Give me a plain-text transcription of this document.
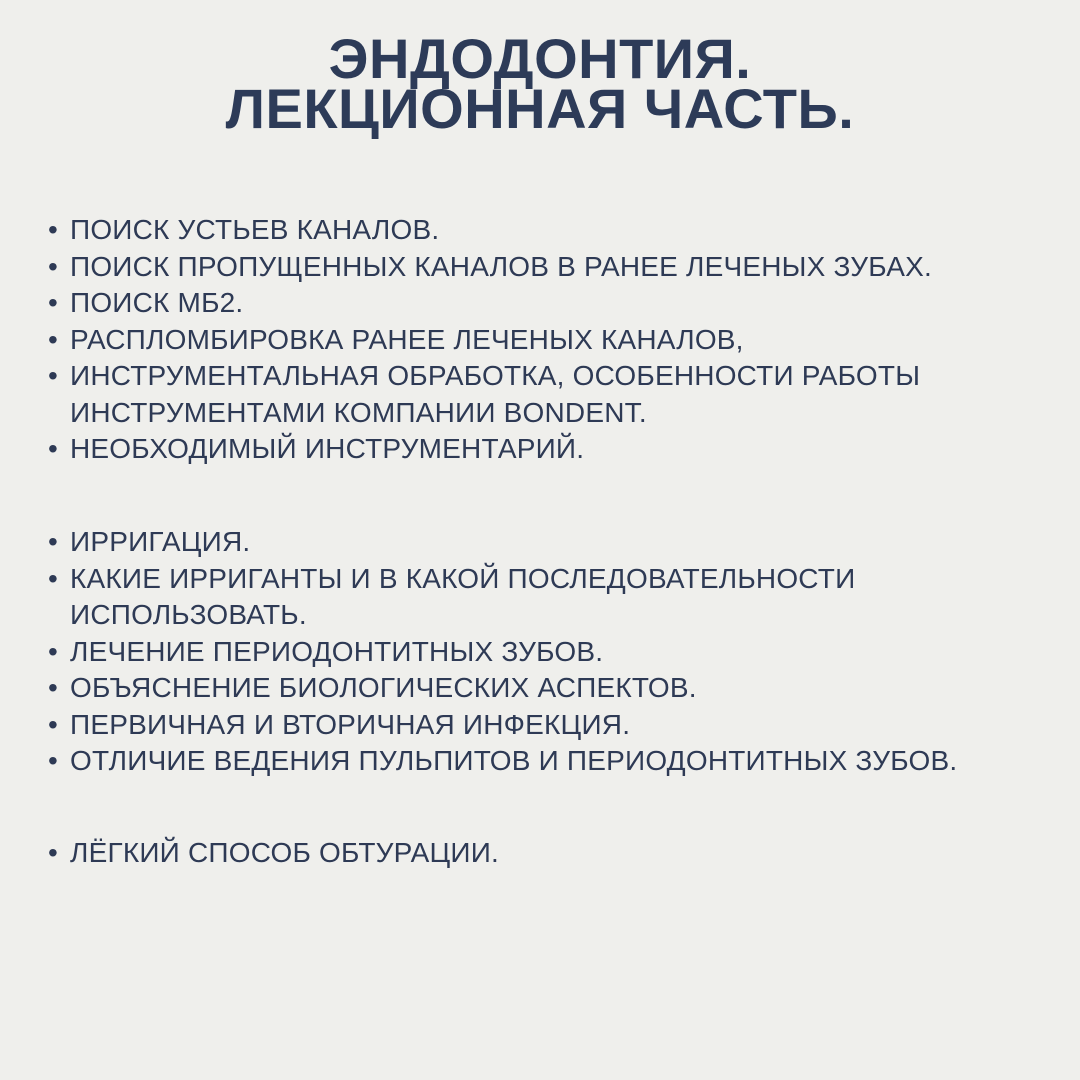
ЭНДОДОНТИЯ.
ЛЕКЦИОННАЯ ЧАСТЬ.
• ПОИСК УСТЬЕВ КАНАЛОВ.
• ПОИСК ПРОПУЩЕННЫХ КАНАЛОВ В РАНЕЕ ЛЕЧЕНЫХ ЗУБАХ.
• ПОИСК МБ2.
• РАСПЛОМБИРОВКА РАНЕЕ ЛЕЧЕНЫХ КАНАЛОВ,
• ИНСТРУМЕНТАЛЬНАЯ ОБРАБОТКА, ОСОБЕННОСТИ РАБОТЫ
ИНСТРУМЕНТАМИ КОМПАНИИ BONDENT.
• НЕОБХОДИМЫЙ ИНСТРУМЕНТАРИЙ.
• ИРРИГАЦИЯ.
• КАКИЕ ИРРИГАНТЫ И В КАКОЙ ПОСЛЕДОВАТЕЛЬНОСТИ
ИСПОЛЬЗОВАТЬ.
• ЛЕЧЕНИЕ ПЕРИОДОНТИТНЫХ ЗУБОВ.
• ОБЪЯСНЕНИЕ БИОЛОГИЧЕСКИХ АСПЕКТОВ.
• ПЕРВИЧНАЯ И ВТОРИЧНАЯ ИНФЕКЦИЯ.
• ОТЛИЧИЕ ВЕДЕНИЯ ПУЛЬПИТОВ И ПЕРИОДОНТИТНЫХ ЗУБОВ.
• ЛЁГКИЙ СПОСОБ ОБТУРАЦИИ.
